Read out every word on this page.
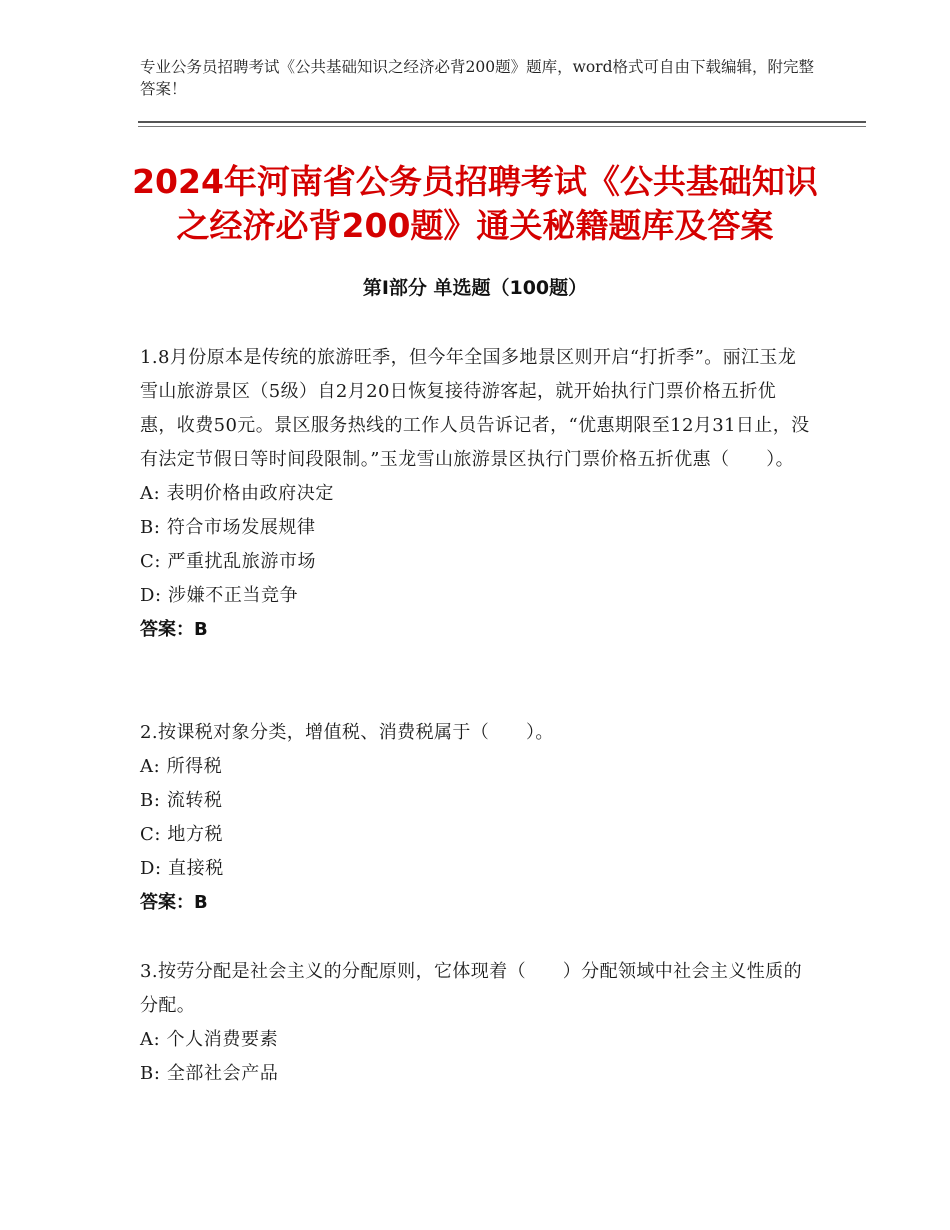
专业公务员招聘考试《公共基础知识之经济必背200题》题库，word格式可自由下载编辑，附完整答案！
2024年河南省公务员招聘考试《公共基础知识之经济必背200题》通关秘籍题库及答案
第Ⅰ部分 单选题（100题）

1.8月份原本是传统的旅游旺季，但今年全国多地景区则开启“打折季”。丽江玉龙雪山旅游景区（5级）自2月20日恢复接待游客起，就开始执行门票价格五折优惠，收费50元。景区服务热线的工作人员告诉记者，“优惠期限至12月31日止，没有法定节假日等时间段限制。”玉龙雪山旅游景区执行门票价格五折优惠（　　）。

A: 表明价格由政府决定

B: 符合市场发展规律

C: 严重扰乱旅游市场

D: 涉嫌不正当竞争

答案：B

2.按课税对象分类，增值税、消费税属于（　　）。

A: 所得税

B: 流转税

C: 地方税

D: 直接税

答案：B

3.按劳分配是社会主义的分配原则，它体现着（　　）分配领域中社会主义性质的分配。

A: 个人消费要素

B: 全部社会产品
